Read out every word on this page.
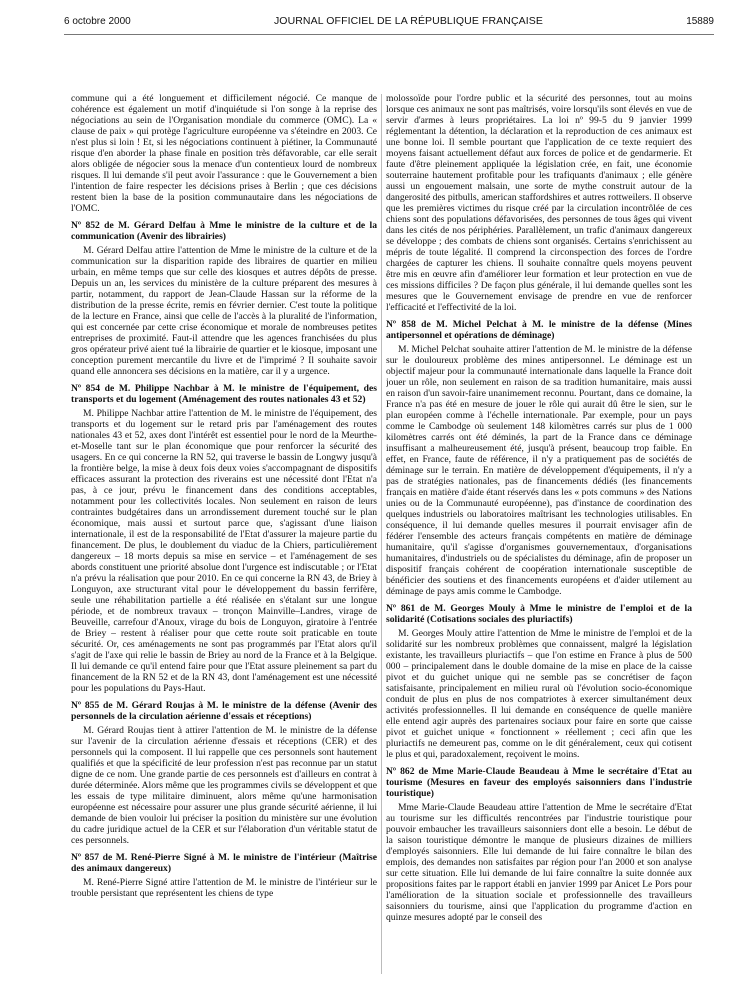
6 octobre 2000	JOURNAL OFFICIEL DE LA RÉPUBLIQUE FRANÇAISE	15889

commune qui a été longuement et difficilement négocié. Ce manque de cohérence est également un motif d'inquiétude si l'on songe à la reprise des négociations au sein de l'Organisation mondiale du commerce (OMC). La « clause de paix » qui protège l'agriculture européenne va s'éteindre en 2003. Ce n'est plus si loin ! Et, si les négociations continuent à piétiner, la Communauté risque d'en aborder la phase finale en position très défavorable, car elle serait alors obligée de négocier sous la menace d'un contentieux lourd de nombreux risques. Il lui demande s'il peut avoir l'assurance : que le Gouvernement a bien l'intention de faire respecter les décisions prises à Berlin ; que ces décisions restent bien la base de la position communautaire dans les négociations de l'OMC.

Nº 852 de M. Gérard Delfau à Mme le ministre de la culture et de la communication (Avenir des librairies)

M. Gérard Delfau attire l'attention de Mme le ministre de la culture et de la communication sur la disparition rapide des libraires de quartier en milieu urbain, en même temps que sur celle des kiosques et autres dépôts de presse. Depuis un an, les services du ministère de la culture préparent des mesures à partir, notamment, du rapport de Jean-Claude Hassan sur la réforme de la distribution de la presse écrite, remis en février dernier. C'est toute la politique de la lecture en France, ainsi que celle de l'accès à la pluralité de l'information, qui est concernée par cette crise économique et morale de nombreuses petites entreprises de proximité. Faut-il attendre que les agences franchisées du plus gros opérateur privé aient tué la librairie de quartier et le kiosque, imposant une conception purement mercantile du livre et de l'imprimé ? Il souhaite savoir quand elle annoncera ses décisions en la matière, car il y a urgence.

Nº 854 de M. Philippe Nachbar à M. le ministre de l'équipement, des transports et du logement (Aménagement des routes nationales 43 et 52)

M. Philippe Nachbar attire l'attention de M. le ministre de l'équipement, des transports et du logement sur le retard pris par l'aménagement des routes nationales 43 et 52, axes dont l'intérêt est essentiel pour le nord de la Meurthe-et-Moselle tant sur le plan économique que pour renforcer la sécurité des usagers. En ce qui concerne la RN 52, qui traverse le bassin de Longwy jusqu'à la frontière belge, la mise à deux fois deux voies s'accompagnant de dispositifs efficaces assurant la protection des riverains est une nécessité dont l'Etat n'a pas, à ce jour, prévu le financement dans des conditions acceptables, notamment pour les collectivités locales. Non seulement en raison de leurs contraintes budgétaires dans un arrondissement durement touché sur le plan économique, mais aussi et surtout parce que, s'agissant d'une liaison internationale, il est de la responsabilité de l'Etat d'assurer la majeure partie du financement. De plus, le doublement du viaduc de la Chiers, particulièrement dangereux – 18 morts depuis sa mise en service – et l'aménagement de ses abords constituent une priorité absolue dont l'urgence est indiscutable ; or l'Etat n'a prévu la réalisation que pour 2010. En ce qui concerne la RN 43, de Briey à Longuyon, axe structurant vital pour le développement du bassin ferrifère, seule une réhabilitation partielle a été réalisée en s'étalant sur une longue période, et de nombreux travaux – tronçon Mainville–Landres, virage de Beuveille, carrefour d'Anoux, virage du bois de Longuyon, giratoire à l'entrée de Briey – restent à réaliser pour que cette route soit praticable en toute sécurité. Or, ces aménagements ne sont pas programmés par l'Etat alors qu'il s'agit de l'axe qui relie le bassin de Briey au nord de la France et à la Belgique. Il lui demande ce qu'il entend faire pour que l'Etat assure pleinement sa part du financement de la RN 52 et de la RN 43, dont l'aménagement est une nécessité pour les populations du Pays-Haut.

Nº 855 de M. Gérard Roujas à M. le ministre de la défense (Avenir des personnels de la circulation aérienne d'essais et réceptions)

M. Gérard Roujas tient à attirer l'attention de M. le ministre de la défense sur l'avenir de la circulation aérienne d'essais et réceptions (CER) et des personnels qui la composent. Il lui rappelle que ces personnels sont hautement qualifiés et que la spécificité de leur profession n'est pas reconnue par un statut digne de ce nom. Une grande partie de ces personnels est d'ailleurs en contrat à durée déterminée. Alors même que les programmes civils se développent et que les essais de type militaire diminuent, alors même qu'une harmonisation européenne est nécessaire pour assurer une plus grande sécurité aérienne, il lui demande de bien vouloir lui préciser la position du ministère sur une évolution du cadre juridique actuel de la CER et sur l'élaboration d'un véritable statut de ces personnels.

Nº 857 de M. René-Pierre Signé à M. le ministre de l'intérieur (Maîtrise des animaux dangereux)

M. René-Pierre Signé attire l'attention de M. le ministre de l'intérieur sur le trouble persistant que représentent les chiens de type

molossoïde pour l'ordre public et la sécurité des personnes, tout au moins lorsque ces animaux ne sont pas maîtrisés, voire lorsqu'ils sont élevés en vue de servir d'armes à leurs propriétaires. La loi nº 99-5 du 9 janvier 1999 réglementant la détention, la déclaration et la reproduction de ces animaux est une bonne loi. Il semble pourtant que l'application de ce texte requiert des moyens faisant actuellement défaut aux forces de police et de gendarmerie. Et faute d'être pleinement appliquée la législation crée, en fait, une économie souterraine hautement profitable pour les trafiquants d'animaux ; elle génère aussi un engouement malsain, une sorte de mythe construit autour de la dangerosité des pitbulls, american staffordshires et autres rottweilers. Il observe que les premières victimes du risque créé par la circulation incontrôlée de ces chiens sont des populations défavorisées, des personnes de tous âges qui vivent dans les cités de nos périphéries. Parallèlement, un trafic d'animaux dangereux se développe ; des combats de chiens sont organisés. Certains s'enrichissent au mépris de toute légalité. Il comprend la circonspection des forces de l'ordre chargées de capturer les chiens. Il souhaite connaître quels moyens peuvent être mis en œuvre afin d'améliorer leur formation et leur protection en vue de ces missions difficiles ? De façon plus générale, il lui demande quelles sont les mesures que le Gouvernement envisage de prendre en vue de renforcer l'efficacité et l'effectivité de la loi.

Nº 858 de M. Michel Pelchat à M. le ministre de la défense (Mines antipersonnel et opérations de déminage)

M. Michel Pelchat souhaite attirer l'attention de M. le ministre de la défense sur le douloureux problème des mines antipersonnel. Le déminage est un objectif majeur pour la communauté internationale dans laquelle la France doit jouer un rôle, non seulement en raison de sa tradition humanitaire, mais aussi en raison d'un savoir-faire unanimement reconnu. Pourtant, dans ce domaine, la France n'a pas été en mesure de jouer le rôle qui aurait dû être le sien, sur le plan européen comme à l'échelle internationale. Par exemple, pour un pays comme le Cambodge où seulement 148 kilomètres carrés sur plus de 1 000 kilomètres carrés ont été déminés, la part de la France dans ce déminage insuffisant a malheureusement été, jusqu'à présent, beaucoup trop faible. En effet, en France, faute de référence, il n'y a pratiquement pas de sociétés de déminage sur le terrain. En matière de développement d'équipements, il n'y a pas de stratégies nationales, pas de financements dédiés (les financements français en matière d'aide étant réservés dans les « pots communs » des Nations unies ou de la Communauté européenne), pas d'instance de coordination des quelques industriels ou laboratoires maîtrisant les technologies utilisables. En conséquence, il lui demande quelles mesures il pourrait envisager afin de fédérer l'ensemble des acteurs français compétents en matière de déminage humanitaire, qu'il s'agisse d'organismes gouvernementaux, d'organisations humanitaires, d'industriels ou de spécialistes du déminage, afin de proposer un dispositif français cohérent de coopération internationale susceptible de bénéficier des soutiens et des financements européens et d'aider utilement au déminage de pays amis comme le Cambodge.

Nº 861 de M. Georges Mouly à Mme le ministre de l'emploi et de la solidarité (Cotisations sociales des pluriactifs)

M. Georges Mouly attire l'attention de Mme le ministre de l'emploi et de la solidarité sur les nombreux problèmes que connaissent, malgré la législation existante, les travailleurs pluriactifs – que l'on estime en France à plus de 500 000 – principalement dans le double domaine de la mise en place de la caisse pivot et du guichet unique qui ne semble pas se concrétiser de façon satisfaisante, principalement en milieu rural où l'évolution socio-économique conduit de plus en plus de nos compatriotes à exercer simultanément deux activités professionnelles. Il lui demande en conséquence de quelle manière elle entend agir auprès des partenaires sociaux pour faire en sorte que caisse pivot et guichet unique « fonctionnent » réellement ; ceci afin que les pluriactifs ne demeurent pas, comme on le dit généralement, ceux qui cotisent le plus et qui, paradoxalement, reçoivent le moins.

Nº 862 de Mme Marie-Claude Beaudeau à Mme le secrétaire d'Etat au tourisme (Mesures en faveur des employés saisonniers dans l'industrie touristique)

Mme Marie-Claude Beaudeau attire l'attention de Mme le secrétaire d'Etat au tourisme sur les difficultés rencontrées par l'industrie touristique pour pouvoir embaucher les travailleurs saisonniers dont elle a besoin. Le début de la saison touristique démontre le manque de plusieurs dizaines de milliers d'employés saisonniers. Elle lui demande de lui faire connaître le bilan des emplois, des demandes non satisfaites par région pour l'an 2000 et son analyse sur cette situation. Elle lui demande de lui faire connaître la suite donnée aux propositions faites par le rapport établi en janvier 1999 par Anicet Le Pors pour l'amélioration de la situation sociale et professionnelle des travailleurs saisonniers du tourisme, ainsi que l'application du programme d'action en quinze mesures adopté par le conseil des
